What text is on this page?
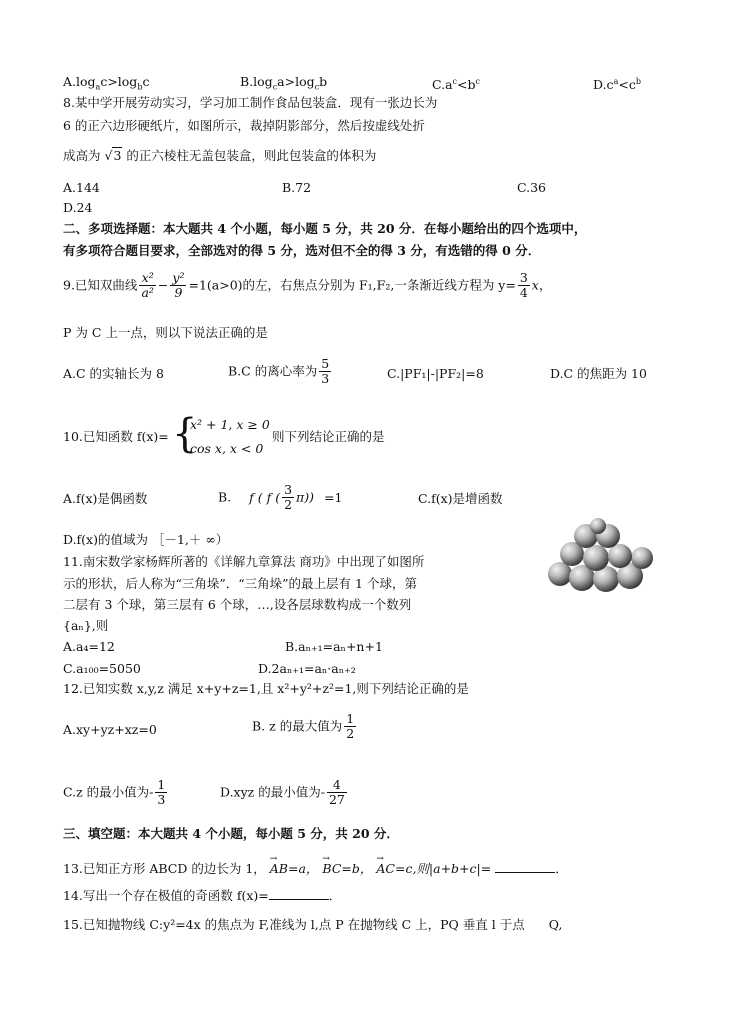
$A.\log_ac>\log_bc$	$B.\log_ca>\log_cb$	$C.a^c<b^c$	$D.c^a<c^b$
8.某中学开展劳动实习，学习加工制作食品包装盒．现有一张边长为
6 的正六边形硬纸片，如图所示，裁掉阴影部分，然后按虚线处折
成高为 √3 的正六棱柱无盖包装盒，则此包装盒的体积为
A.144	B.72	C.36
D.24
二、多项选择题：本大题共 4 个小题，每小题 5 分，共 20 分．在每小题给出的四个选项中，
有多项符合题目要求，全部选对的得 5 分，选对但不全的得 3 分，有选错的得 0 分．
9.已知双曲线 $\frac{\text{x²}}{\text{a²}} - \frac{\text{y²}}{9} =1(a>0)$的左，右焦点分别为 F₁,F₂,一条渐近线方程为 $y= \frac{3}{4}$ x，
P 为 C 上一点，则以下说法正确的是
A.C 的实轴长为 8	B.C 的离心率为 $\frac{5}{3}$	C.|PF₁|-|PF₂|=8	D.C 的焦距为 10
10.已知函数 f(x)= {
x² + 1, x ≥ 0
cos x, x < 0
则下列结论正确的是
A.f(x)是偶函数	B. f ( f ( $\frac{3}{2} \pi)) =1$	C.f(x)是增函数
D.f(x)的值域为 ［－1,＋ ∞）
11.南宋数学家杨辉所著的《详解九章算法 商功》中出现了如图所
示的形状，后人称为“三角垛”．“三角垛”的最上层有 1 个球，第
二层有 3 个球，第三层有 6 个球，…,设各层球数构成一个数列
{aₙ},则
A.a₄=12	B.aₙ₊₁=aₙ+n+1
C.a₁₀₀=5050	D.2aₙ₊₁=aₙ·aₙ₊₂
12.已知实数 x,y,z 满足 x+y+z=1,且 x²+y²+z²=1,则下列结论正确的是
A.xy+yz+xz=0	B. z 的最大值为 $\frac{1}{2}$
C.z 的最小值为- $\frac{1}{3}$	D.xyz 的最小值为- $\frac{4}{27}$
三、填空题：本大题共 4 个小题，每小题 5 分，共 20 分．
13.已知正方形 ABCD 的边长为 1， → AB=a， → BC=b， → AC=c,则|a+b+c|=	．
14.写出一个存在极值的奇函数 f(x)=	．
15.已知抛物线 C:y²=4x 的焦点为 F,准线为 l,点 P 在抛物线 C 上，PQ 垂直 l 于点 Q,
